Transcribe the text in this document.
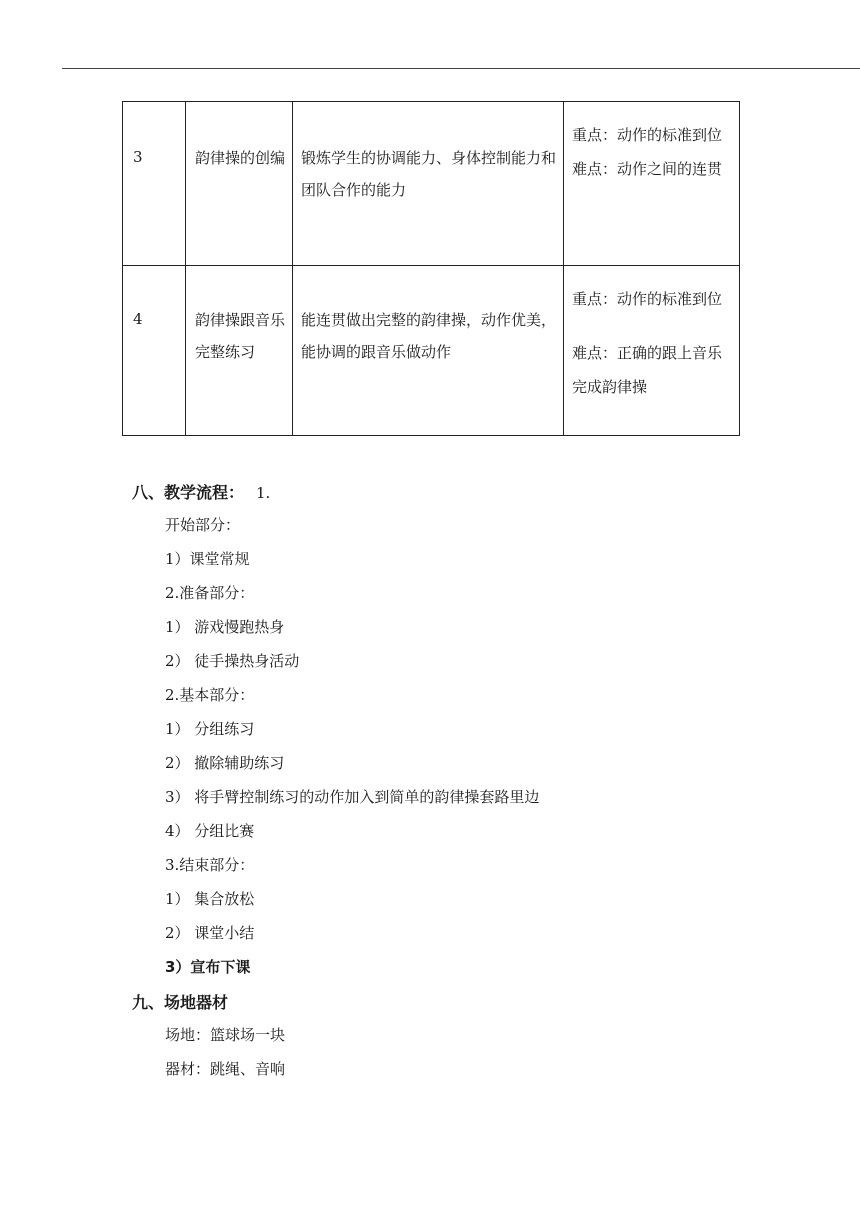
3	韵律操的创编	锻炼学生的协调能力、身体控制能力和团队合作的能力	重点：动作的标准到位
难点：动作之间的连贯

4	韵律操跟音乐完整练习	能连贯做出完整的韵律操，动作优美，能协调的跟音乐做动作	重点：动作的标准到位
难点：正确的跟上音乐完成韵律操
八、教学流程： 1.
开始部分：
1）课堂常规
2.准备部分：
1） 游戏慢跑热身
2） 徒手操热身活动
2.基本部分：
1） 分组练习
2） 撤除辅助练习
3） 将手臂控制练习的动作加入到简单的韵律操套路里边
4） 分组比赛
3.结束部分：
1） 集合放松
2） 课堂小结
3）宣布下课
九、场地器材
场地：篮球场一块
器材：跳绳、音响
